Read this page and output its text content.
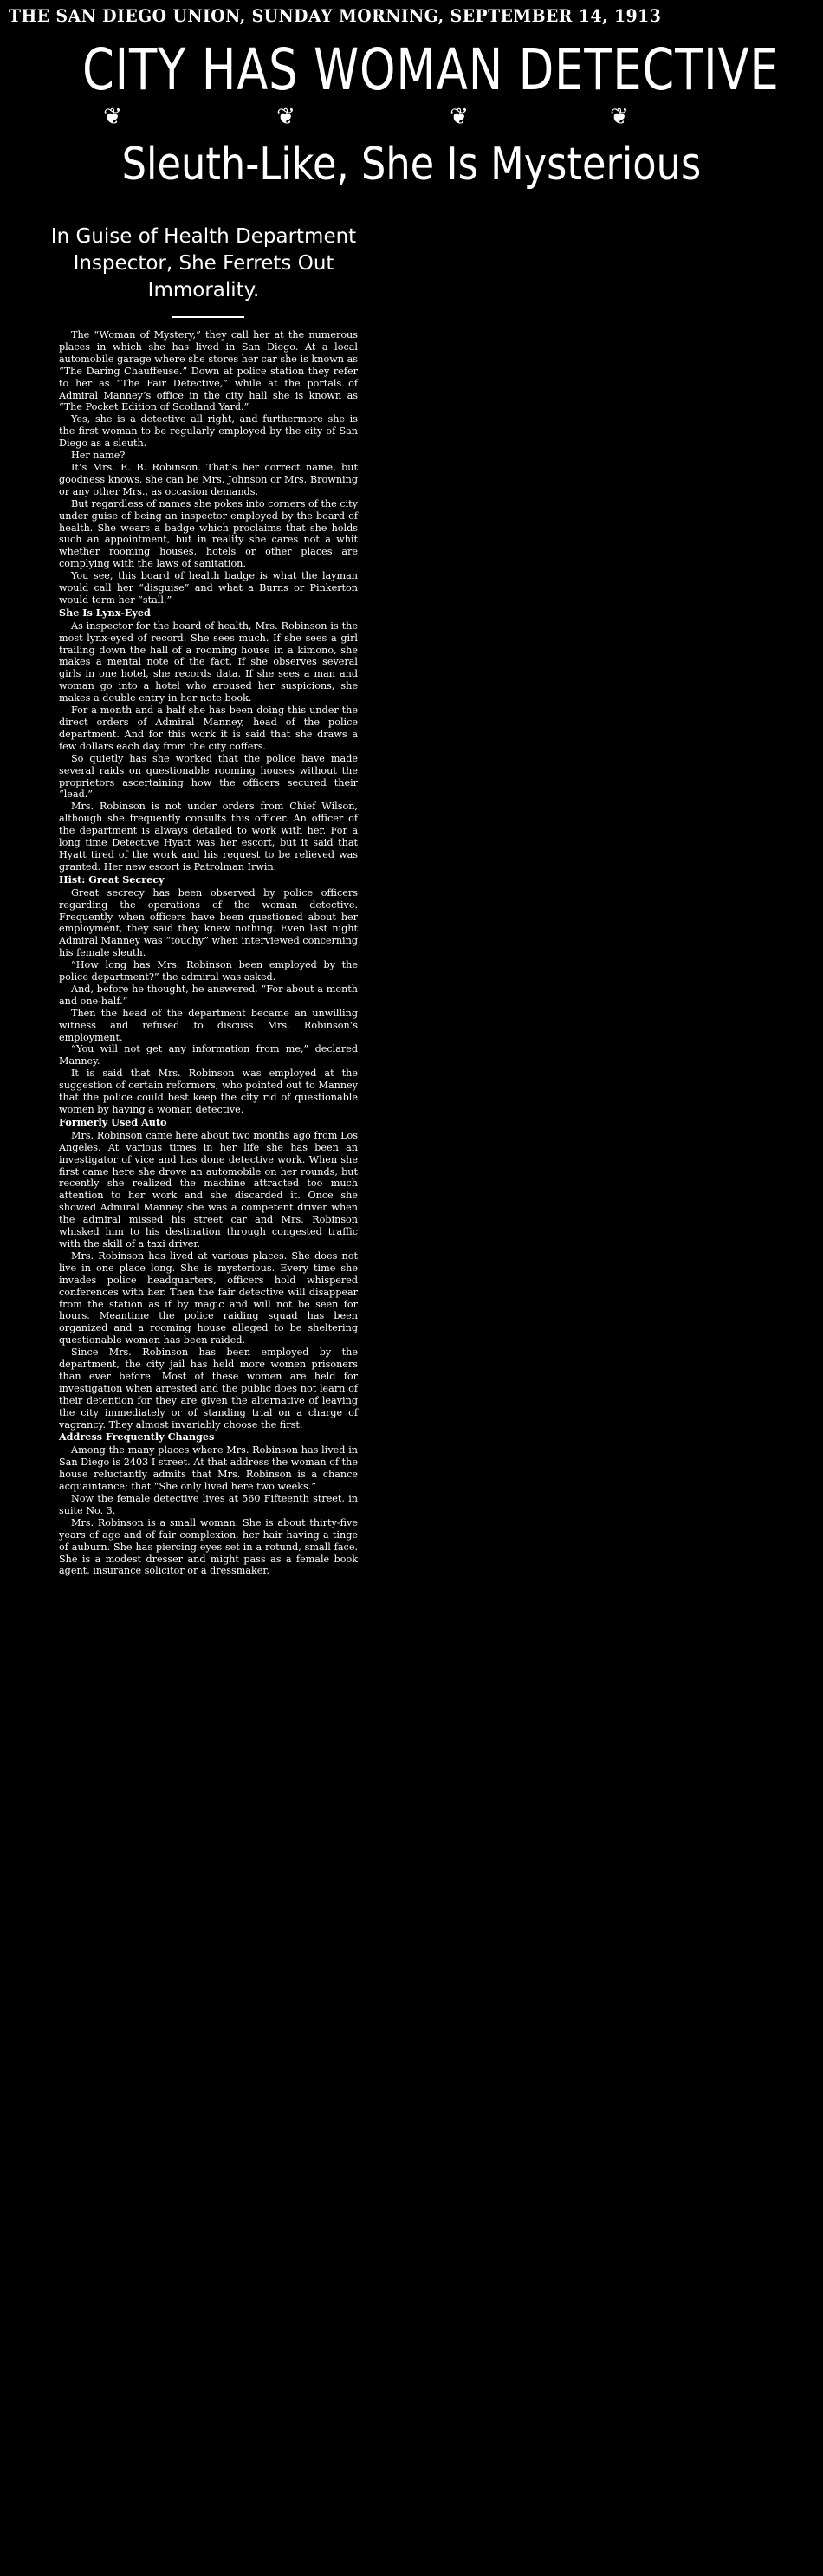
THE SAN DIEGO UNION, SUNDAY MORNING, SEPTEMBER 14, 1913
CITY HAS WOMAN DETECTIVE
❦	❦	❦	❦
Sleuth-Like, She Is Mysterious
In Guise of Health Department Inspector, She Ferrets Out Immorality.

The “Woman of Mystery,” they call her at the numerous places in which she has lived in San Diego. At a local automobile garage where she stores her car she is known as “The Daring Chauffeuse.” Down at police station they refer to her as “The Fair Detective,” while at the portals of Admiral Manney’s office in the city hall she is known as “The Pocket Edition of Scotland Yard.”

Yes, she is a detective all right, and furthermore she is the first woman to be regularly employed by the city of San Diego as a sleuth.

Her name?

It’s Mrs. E. B. Robinson. That’s her correct name, but goodness knows, she can be Mrs. Johnson or Mrs. Browning or any other Mrs., as occasion demands.

But regardless of names she pokes into corners of the city under guise of being an inspector employed by the board of health. She wears a badge which proclaims that she holds such an appointment, but in reality she cares not a whit whether rooming houses, hotels or other places are complying with the laws of sanitation.

You see, this board of health badge is what the layman would call her “disguise” and what a Burns or Pinkerton would term her “stall.”

She Is Lynx-Eyed

As inspector for the board of health, Mrs. Robinson is the most lynx-eyed of record. She sees much. If she sees a girl trailing down the hall of a rooming house in a kimono, she makes a mental note of the fact. If she observes several girls in one hotel, she records data. If she sees a man and woman go into a hotel who aroused her suspicions, she makes a double entry in her note book.

For a month and a half she has been doing this under the direct orders of Admiral Manney, head of the police department. And for this work it is said that she draws a few dollars each day from the city coffers.

So quietly has she worked that the police have made several raids on questionable rooming houses without the proprietors ascertaining how the officers secured their “lead.”

Mrs. Robinson is not under orders from Chief Wilson, although she frequently consults this officer. An officer of the department is always detailed to work with her. For a long time Detective Hyatt was her escort, but it said that Hyatt tired of the work and his request to be relieved was granted. Her new escort is Patrolman Irwin.

Hist: Great Secrecy

Great secrecy has been observed by police officers regarding the operations of the woman detective. Frequently when officers have been questioned about her employment, they said they knew nothing. Even last night Admiral Manney was “touchy” when interviewed concerning his female sleuth.

“How long has Mrs. Robinson been employed by the police department?” the admiral was asked.

And, before he thought, he answered, “For about a month and one-half.”

Then the head of the department became an unwilling witness and refused to discuss Mrs. Robinson’s employment.

“You will not get any information from me,” declared Manney.

It is said that Mrs. Robinson was employed at the suggestion of certain reformers, who pointed out to Manney that the police could best keep the city rid of questionable women by having a woman detective.

Formerly Used Auto

Mrs. Robinson came here about two months ago from Los Angeles. At various times in her life she has been an investigator of vice and has done detective work. When she first came here she drove an automobile on her rounds, but recently she realized the machine attracted too much attention to her work and she discarded it. Once she showed Admiral Manney she was a competent driver when the admiral missed his street car and Mrs. Robinson whisked him to his destination through congested traffic with the skill of a taxi driver.

Mrs. Robinson has lived at various places. She does not live in one place long. She is mysterious. Every time she invades police headquarters, officers hold whispered conferences with her. Then the fair detective will disappear from the station as if by magic and will not be seen for hours. Meantime the police raiding squad has been organized and a rooming house alleged to be sheltering questionable women has been raided.

Since Mrs. Robinson has been employed by the department, the city jail has held more women prisoners than ever before. Most of these women are held for investigation when arrested and the public does not learn of their detention for they are given the alternative of leaving the city immediately or of standing trial on a charge of vagrancy. They almost invariably choose the first.

Address Frequently Changes

Among the many places where Mrs. Robinson has lived in San Diego is 2403 I street. At that address the woman of the house reluctantly admits that Mrs. Robinson is a chance acquaintance; that “She only lived here two weeks.”

Now the female detective lives at 560 Fifteenth street, in suite No. 3.

Mrs. Robinson is a small woman. She is about thirty-five years of age and of fair complexion, her hair having a tinge of auburn. She has piercing eyes set in a rotund, small face. She is a modest dresser and might pass as a female book agent, insurance solicitor or a dressmaker.
